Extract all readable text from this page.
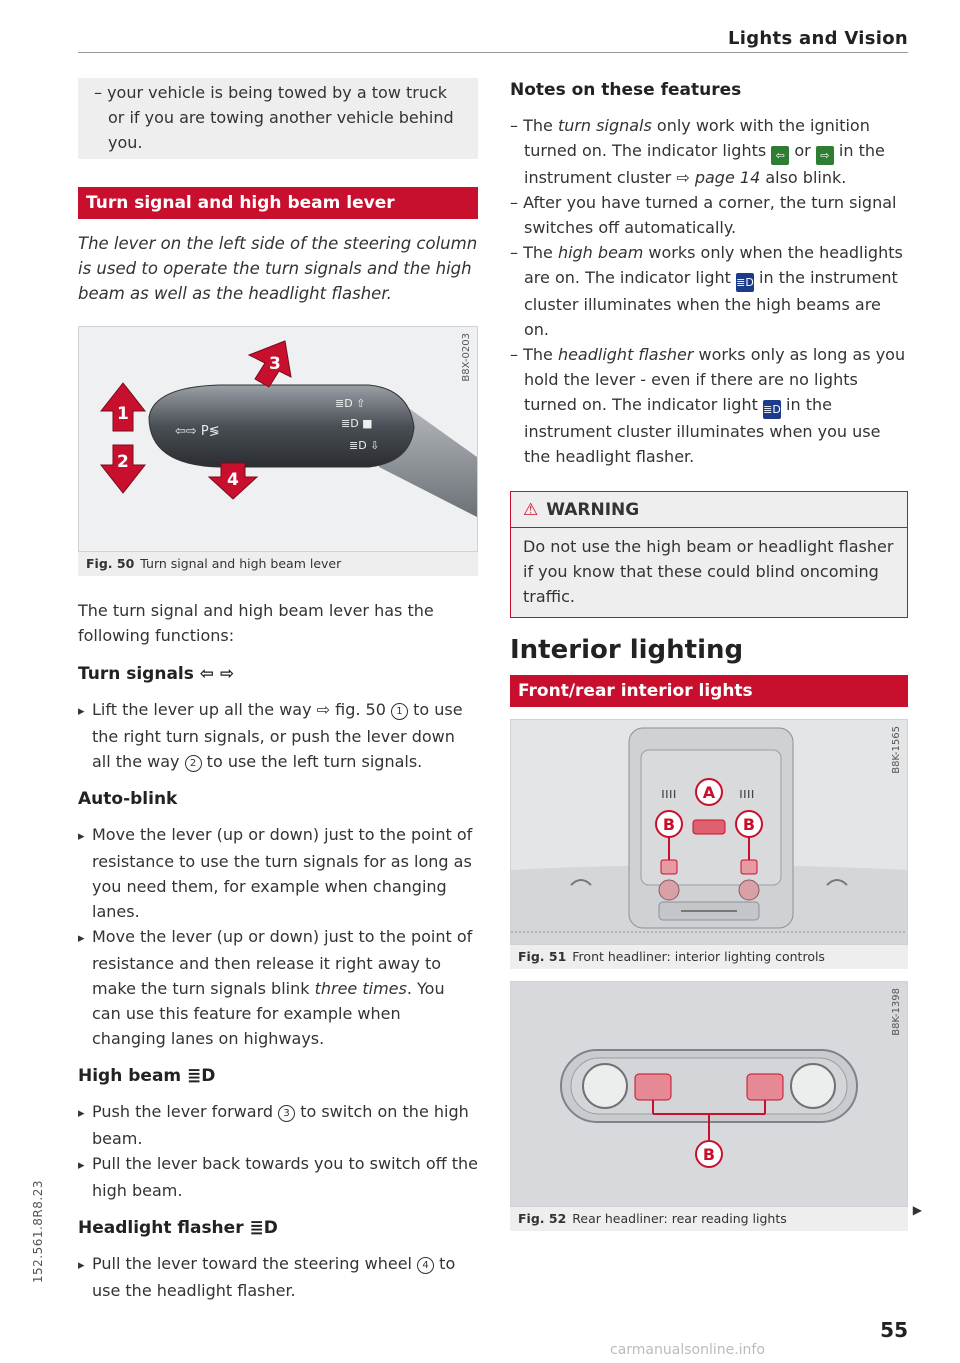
Lights and Vision

– your vehicle is being towed by a tow truck or if you are towing another vehicle behind you.

Turn signal and high beam lever

The lever on the left side of the steering column is used to operate the turn signals and the high beam as well as the headlight flasher.

⇦⇨ P≶
≣D ⇧
≣D ■
≣D ⇩
1
2
3
4
B8X-0203
Fig. 50 Turn signal and high beam lever

The turn signal and high beam lever has the following functions:

Turn signals ⇦ ⇨

▸ Lift the lever up all the way ⇨ fig. 50 1 to use the right turn signals, or push the lever down all the way 2 to use the left turn signals.

Auto-blink

▸ Move the lever (up or down) just to the point of resistance to use the turn signals for as long as you need them, for example when changing lanes.

▸ Move the lever (up or down) just to the point of resistance and then release it right away to make the turn signals blink three times. You can use this feature for example when changing lanes on highways.

High beam ≣D

▸ Push the lever forward 3 to switch on the high beam.

▸ Pull the lever back towards you to switch off the high beam.

Headlight flasher ≣D

▸ Pull the lever toward the steering wheel 4 to use the headlight flasher.

Notes on these features

– The turn signals only work with the ignition turned on. The indicator lights ⇦ or ⇨ in the instrument cluster ⇨ page 14 also blink.

– After you have turned a corner, the turn signal switches off automatically.

– The high beam works only when the headlights are on. The indicator light ≣D in the instrument cluster illuminates when the high beams are on.

– The headlight flasher works only as long as you hold the lever - even if there are no lights turned on. The indicator light ≣D in the instrument cluster illuminates when you use the headlight flasher.

⚠ WARNING
Do not use the high beam or headlight flasher if you know that these could blind oncoming traffic.
Interior lighting
Front/rear interior lights
ıııı	ıııı
A
B	B
B8K-1565
Fig. 51 Front headliner: interior lighting controls
B
B8K-1398
Fig. 52 Rear headliner: rear reading lights
▶
152.561.8R8.23
55
carmanualsonline.info
